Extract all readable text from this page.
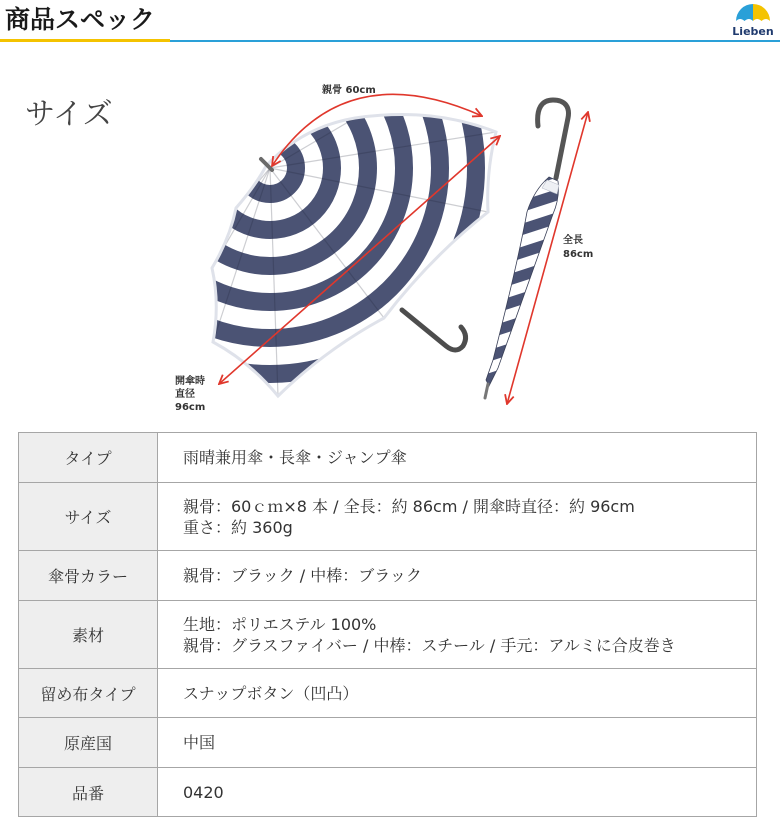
商品スペック	Lieben
サイズ
親骨 60cm
全長 86cm
開傘時 直径 96cm
タイプ	雨晴兼用傘・長傘・ジャンプ傘

サイズ	親骨：60ｃｍ×8 本 / 全長：約 86cm / 開傘時直径：約 96cm
重さ：約 360g

傘骨カラー	親骨：ブラック / 中棒：ブラック

素材	生地：ポリエステル 100%
親骨：グラスファイバー / 中棒：スチール / 手元：アルミに合皮巻き

留め布タイプ	スナップボタン（凹凸）

原産国	中国

品番	0420
